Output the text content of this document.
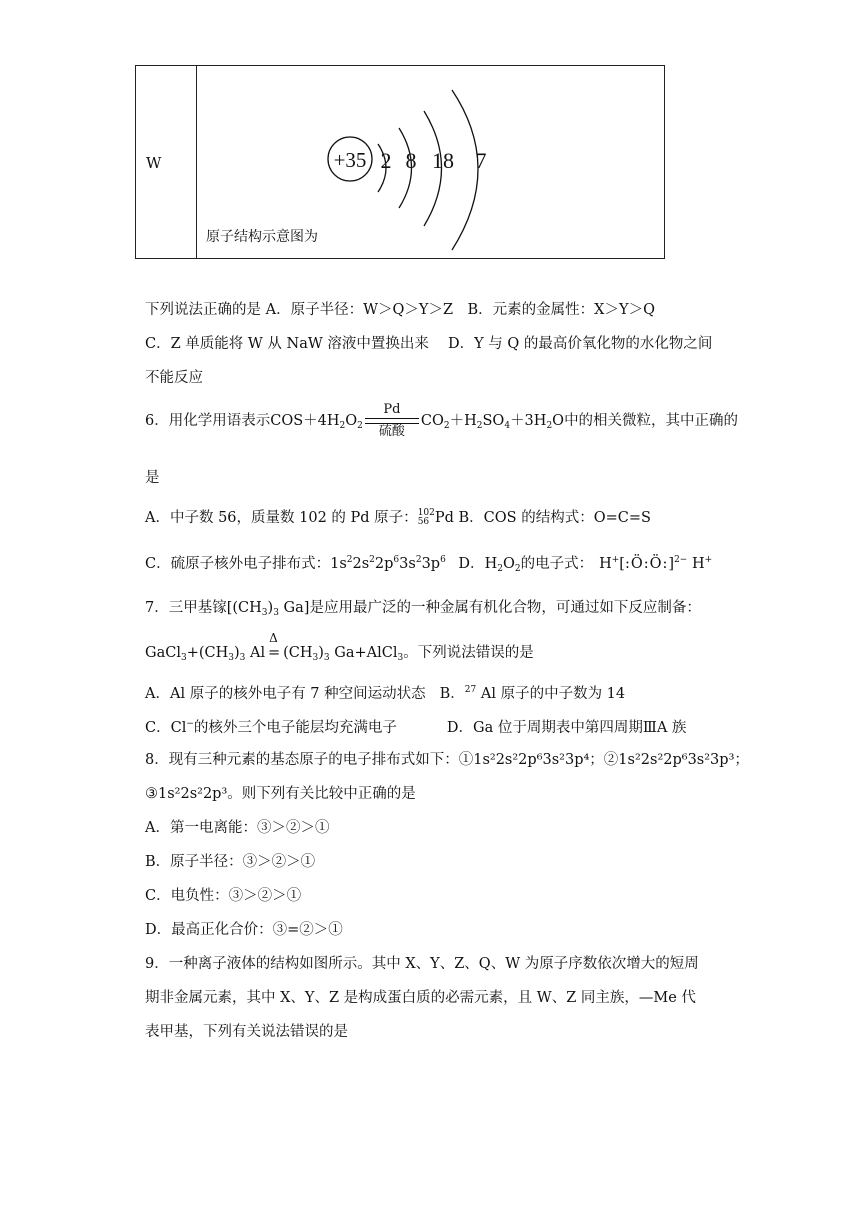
W	+35 2 8 18 7
原子结构示意图为
下列说法正确的是 A．原子半径：W＞Q＞Y＞Z　B．元素的金属性：X＞Y＞Q
C．Z 单质能将 W 从 NaW 溶液中置换出来　 D．Y 与 Q 的最高价氧化物的水化物之间
不能反应
6．用化学用语表示$COS+4H_2O_2$
Pd
硫酸
$CO_2+H_2SO_4+3H_2O$中的相关微粒，其中正确的
是
A．中子数 56，质量数 102 的 Pd 原子：102
56 Pd B．COS 的结构式：O=C=S
C．硫原子核外电子排布式：$1s^22s^22p^63s^23p^6$ D．$H_2O_2$的电子式： H+[:Ö:Ö:]$^{2-}$ H+
7．三甲基镓[$(CH_3)_3$ Ga]是应用最广泛的一种金属有机化合物，可通过如下反应制备：
$GaCl_3+(CH_3)_3$ Al
Δ
= $(CH_3)_3$ Ga+AlCl$_3$。下列说法错误的是
A．Al 原子的核外电子有 7 种空间运动状态 B．$^{27}$ Al 原子的中子数为 14
C．Cl−的核外三个电子能层均充满电子	D．Ga 位于周期表中第四周期ⅢA 族
8．现有三种元素的基态原子的电子排布式如下：①1s²2s²2p⁶3s²3p⁴；②1s²2s²2p⁶3s²3p³；
③1s²2s²2p³。则下列有关比较中正确的是
A．第一电离能：③＞②＞①
B．原子半径：③＞②＞①
C．电负性：③＞②＞①
D．最高正化合价：③=②＞①
9．一种离子液体的结构如图所示。其中 X、Y、Z、Q、W 为原子序数依次增大的短周
期非金属元素，其中 X、Y、Z 是构成蛋白质的必需元素，且 W、Z 同主族，—Me 代
表甲基，下列有关说法错误的是
